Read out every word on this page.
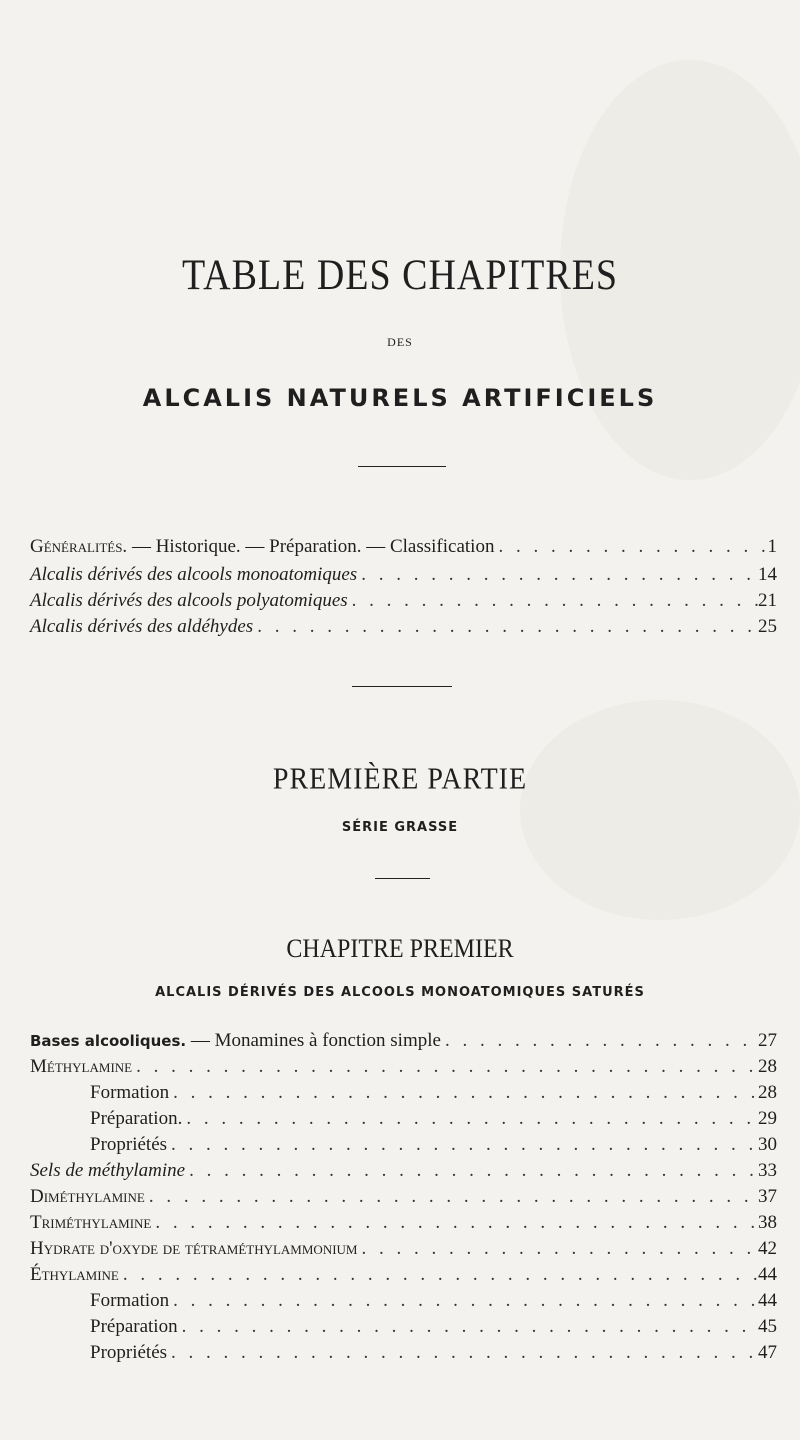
TABLE DES CHAPITRES
DES
ALCALIS NATURELS ARTIFICIELS
Généralités. — Historique. — Préparation. — Classification . . .	1
Alcalis dérivés des alcools monoatomiques . . .	14
Alcalis dérivés des alcools polyatomiques . . .	21
Alcalis dérivés des aldéhydes . . .	25
PREMIÈRE PARTIE
SÉRIE GRASSE
CHAPITRE PREMIER
ALCALIS DÉRIVÉS DES ALCOOLS MONOATOMIQUES SATURÉS
Bases alcooliques. — Monamines à fonction simple . . .	27
Méthylamine . . .	28
Formation . . .	28
Préparation. . . .	29
Propriétés . . .	30
Sels de méthylamine . . .	33
Diméthylamine . . .	37
Triméthylamine . . .	38
Hydrate d'oxyde de tétraméthylammonium . . .	42
Éthylamine . . .	44
Formation . . .	44
Préparation . . .	45
Propriétés . . .	47
